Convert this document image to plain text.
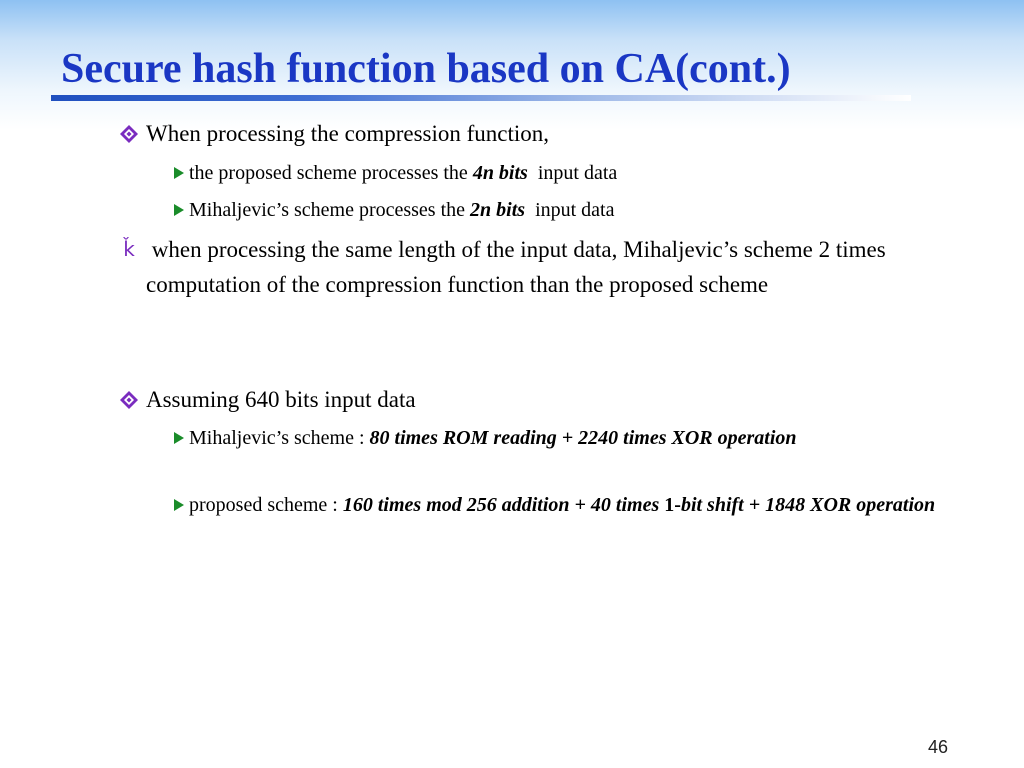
Secure hash function based on CA(cont.)
When processing the compression function,
the proposed scheme processes the 4n bits  input data
Mihaljevic’s scheme processes the 2n bits  input data
ǩ when processing the same length of the input data, Mihaljevic’s scheme 2 times computation of the compression function than the proposed scheme
Assuming 640 bits input data
Mihaljevic’s scheme : 80 times ROM reading + 2240 times XOR operation
proposed scheme : 160 times mod 256 addition + 40 times 1-bit shift + 1848 XOR operation
46
